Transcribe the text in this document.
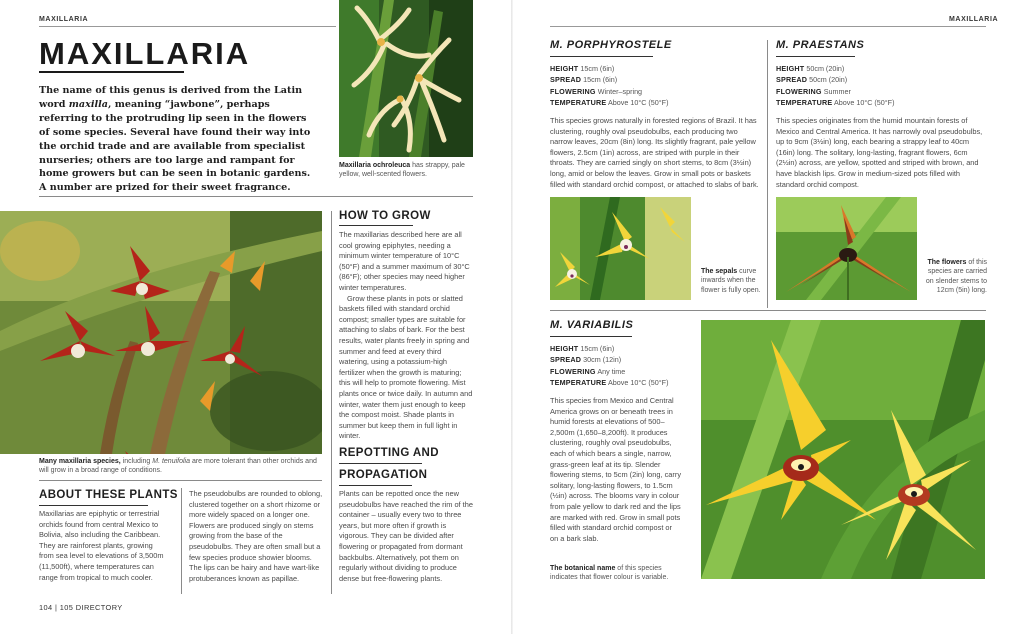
MAXILLARIA	MAXILLARIA
MAXILLARIA
The name of this genus is derived from the Latin word maxilla, meaning “jawbone”, perhaps referring to the protruding lip seen in the flowers of some species. Several have found their way into the orchid trade and are available from specialist nurseries; others are too large and rampant for home growers but can be seen in botanic gardens. A number are prized for their sweet fragrance.
Maxillaria ochroleuca has strappy, pale yellow, well-scented flowers.
Many maxillaria species, including M. tenuifolia are more tolerant than other orchids and will grow in a broad range of conditions.
HOW TO GROW

The maxillarias described here are all cool growing epiphytes, needing a minimum winter temperature of 10°C (50°F) and a summer maximum of 30°C (86°F); other species may need higher winter temperatures.

Grow these plants in pots or slatted baskets filled with standard orchid compost; smaller types are suitable for attaching to slabs of bark. For the best results, water plants freely in spring and summer and feed at every third watering, using a potassium-high fertilizer when the growth is maturing; this will help to promote flowering. Mist plants once or twice daily. In autumn and winter, water them just enough to keep the compost moist. Shade plants in summer but keep them in full light in winter.

REPOTTING AND
PROPAGATION
Plants can be repotted once the new pseudobulbs have reached the rim of the container – usually every two to three years, but more often if growth is vigorous. They can be divided after flowering or propagated from dormant backbulbs. Alternatively, pot them on regularly without dividing to produce dense but free-flowering plants.
ABOUT THESE PLANTS
Maxillarias are epiphytic or terrestrial orchids found from central Mexico to Bolivia, also including the Caribbean. They are rainforest plants, growing from sea level to elevations of 3,500m (11,500ft), where temperatures can range from tropical to much cooler.
The pseudobulbs are rounded to oblong, clustered together on a short rhizome or more widely spaced on a longer one. Flowers are produced singly on stems growing from the base of the pseudobulbs. They are often small but a few species produce showier blooms. The lips can be hairy and have wart-like protuberances known as papillae.
104 | 105 DIRECTORY
M. PORPHYROSTELE
HEIGHT 15cm (6in)
SPREAD 15cm (6in)
FLOWERING Winter–spring
TEMPERATURE Above 10°C (50°F)
This species grows naturally in forested regions of Brazil. It has clustering, roughly oval pseudobulbs, each producing two narrow leaves, 20cm (8in) long. Its slightly fragrant, pale yellow flowers, 2.5cm (1in) across, are striped with purple in their throats. They are carried singly on short stems, to 8cm (3½in) long, amid or below the leaves. Grow in small pots or baskets filled with standard orchid compost, or attached to slabs of bark.
The sepals curve inwards when the flower is fully open.
M. PRAESTANS
HEIGHT 50cm (20in)
SPREAD 50cm (20in)
FLOWERING Summer
TEMPERATURE Above 10°C (50°F)
This species originates from the humid mountain forests of Mexico and Central America. It has narrowly oval pseudobulbs, up to 9cm (3½in) long, each bearing a strappy leaf to 40cm (16in) long. The solitary, long-lasting, fragrant flowers, 6cm (2½in) across, are yellow, spotted and striped with brown, and have blackish lips. Grow in medium-sized pots filled with standard orchid compost.
The flowers of this species are carried on slender stems to 12cm (5in) long.
M. VARIABILIS
HEIGHT 15cm (6in)
SPREAD 30cm (12in)
FLOWERING Any time
TEMPERATURE Above 10°C (50°F)
This species from Mexico and Central America grows on or beneath trees in humid forests at elevations of 500–2,500m (1,650–8,200ft). It produces clustering, roughly oval pseudobulbs, each of which bears a single, narrow, grass-green leaf at its tip. Slender flowering stems, to 5cm (2in) long, carry solitary, long-lasting flowers, to 1.5cm (½in) across. The blooms vary in colour from pale yellow to dark red and the lips are marked with red. Grow in small pots filled with standard orchid compost or on a bark slab.
The botanical name of this species indicates that flower colour is variable.
